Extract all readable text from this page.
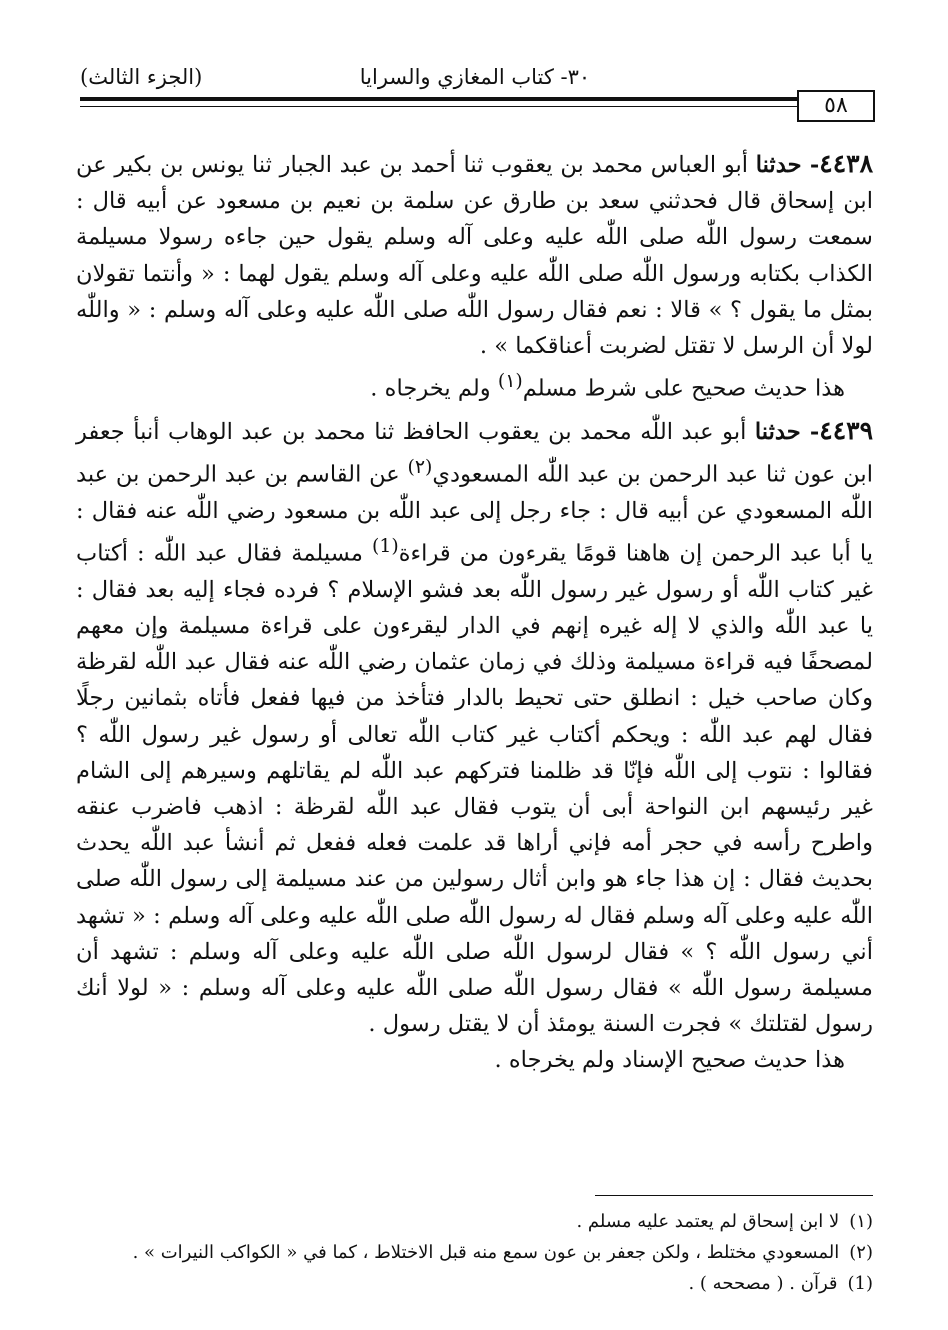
٣٠- كتاب المغازي والسرايا
(الجزء الثالث)
٥٨

٤٤٣٨- حدثنا أبو العباس محمد بن يعقوب ثنا أحمد بن عبد الجبار ثنا يونس بن بكير عن ابن إسحاق قال فحدثني سعد بن طارق عن سلمة بن نعيم بن مسعود عن أبيه قال : سمعت رسول اللّٰه صلى اللّٰه عليه وعلى آله وسلم يقول حين جاءه رسولا مسيلمة الكذاب بكتابه ورسول اللّٰه صلى اللّٰه عليه وعلى آله وسلم يقول لهما : « وأنتما تقولان بمثل ما يقول ؟ » قالا : نعم فقال رسول اللّٰه صلى اللّٰه عليه وعلى آله وسلم : « واللّٰه لولا أن الرسل لا تقتل لضربت أعناقكما » .

هذا حديث صحيح على شرط مسلم$^{(١)}$ ولم يخرجاه .

٤٤٣٩- حدثنا أبو عبد اللّٰه محمد بن يعقوب الحافظ ثنا محمد بن عبد الوهاب أنبأ جعفر ابن عون ثنا عبد الرحمن بن عبد اللّٰه المسعودي$^{(٢)}$ عن القاسم بن عبد الرحمن بن عبد اللّٰه المسعودي عن أبيه قال : جاء رجل إلى عبد اللّٰه بن مسعود رضي اللّٰه عنه فقال : يا أبا عبد الرحمن إن هاهنا قومًا يقرءون من قراءة$^{(1)}$ مسيلمة فقال عبد اللّٰه : أكتاب غير كتاب اللّٰه أو رسول غير رسول اللّٰه بعد فشو الإسلام ؟ فرده فجاء إليه بعد فقال : يا عبد اللّٰه والذي لا إله غيره إنهم في الدار ليقرءون على قراءة مسيلمة وإن معهم لمصحفًا فيه قراءة مسيلمة وذلك في زمان عثمان رضي اللّٰه عنه فقال عبد اللّٰه لقرظة وكان صاحب خيل : انطلق حتى تحيط بالدار فتأخذ من فيها ففعل فأتاه بثمانين رجلًا فقال لهم عبد اللّٰه : ويحكم أكتاب غير كتاب اللّٰه تعالى أو رسول غير رسول اللّٰه ؟ فقالوا : نتوب إلى اللّٰه فإنّا قد ظلمنا فتركهم عبد اللّٰه لم يقاتلهم وسيرهم إلى الشام غير رئيسهم ابن النواحة أبى أن يتوب فقال عبد اللّٰه لقرظة : اذهب فاضرب عنقه واطرح رأسه في حجر أمه فإني أراها قد علمت فعله ففعل ثم أنشأ عبد اللّٰه يحدث بحديث فقال : إن هذا جاء هو وابن أثال رسولين من عند مسيلمة إلى رسول اللّٰه صلى اللّٰه عليه وعلى آله وسلم فقال له رسول اللّٰه صلى اللّٰه عليه وعلى آله وسلم : « تشهد أني رسول اللّٰه ؟ » فقال لرسول اللّٰه صلى اللّٰه عليه وعلى آله وسلم : تشهد أن مسيلمة رسول اللّٰه » فقال رسول اللّٰه صلى اللّٰه عليه وعلى آله وسلم : « لولا أنك رسول لقتلتك » فجرت السنة يومئذ أن لا يقتل رسول .

هذا حديث صحيح الإسناد ولم يخرجاه .

(١)لا ابن إسحاق لم يعتمد عليه مسلم .
(٢)المسعودي مختلط ، ولكن جعفر بن عون سمع منه قبل الاختلاط ، كما في « الكواكب النيرات » .
(1)قرآن . ( مصححه ) .
